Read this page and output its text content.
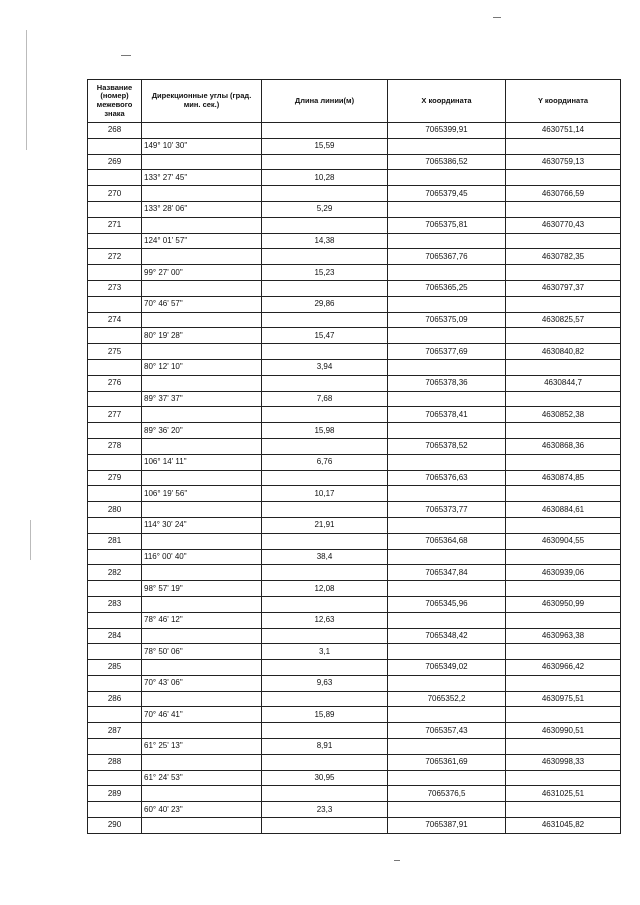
Название (номер) межевого знака	Дирекционные углы (град. мин. сек.)	Длина линии(м)	X координата	Y координата
268			7065399,91	4630751,14
	149° 10' 30"	15,59		
269			7065386,52	4630759,13
	133° 27' 45"	10,28		
270			7065379,45	4630766,59
	133° 28' 06"	5,29		
271			7065375,81	4630770,43
	124° 01' 57"	14,38		
272			7065367,76	4630782,35
	99° 27' 00"	15,23		
273			7065365,25	4630797,37
	70° 46' 57"	29,86		
274			7065375,09	4630825,57
	80° 19' 28"	15,47		
275			7065377,69	4630840,82
	80° 12' 10"	3,94		
276			7065378,36	4630844,7
	89° 37' 37"	7,68		
277			7065378,41	4630852,38
	89° 36' 20"	15,98		
278			7065378,52	4630868,36
	106° 14' 11"	6,76		
279			7065376,63	4630874,85
	106° 19' 56"	10,17		
280			7065373,77	4630884,61
	114° 30' 24"	21,91		
281			7065364,68	4630904,55
	116° 00' 40"	38,4		
282			7065347,84	4630939,06
	98° 57' 19"	12,08		
283			7065345,96	4630950,99
	78° 46' 12"	12,63		
284			7065348,42	4630963,38
	78° 50' 06"	3,1		
285			7065349,02	4630966,42
	70° 43' 06"	9,63		
286			7065352,2	4630975,51
	70° 46' 41"	15,89		
287			7065357,43	4630990,51
	61° 25' 13"	8,91		
288			7065361,69	4630998,33
	61° 24' 53"	30,95		
289			7065376,5	4631025,51
	60° 40' 23"	23,3		
290			7065387,91	4631045,82
